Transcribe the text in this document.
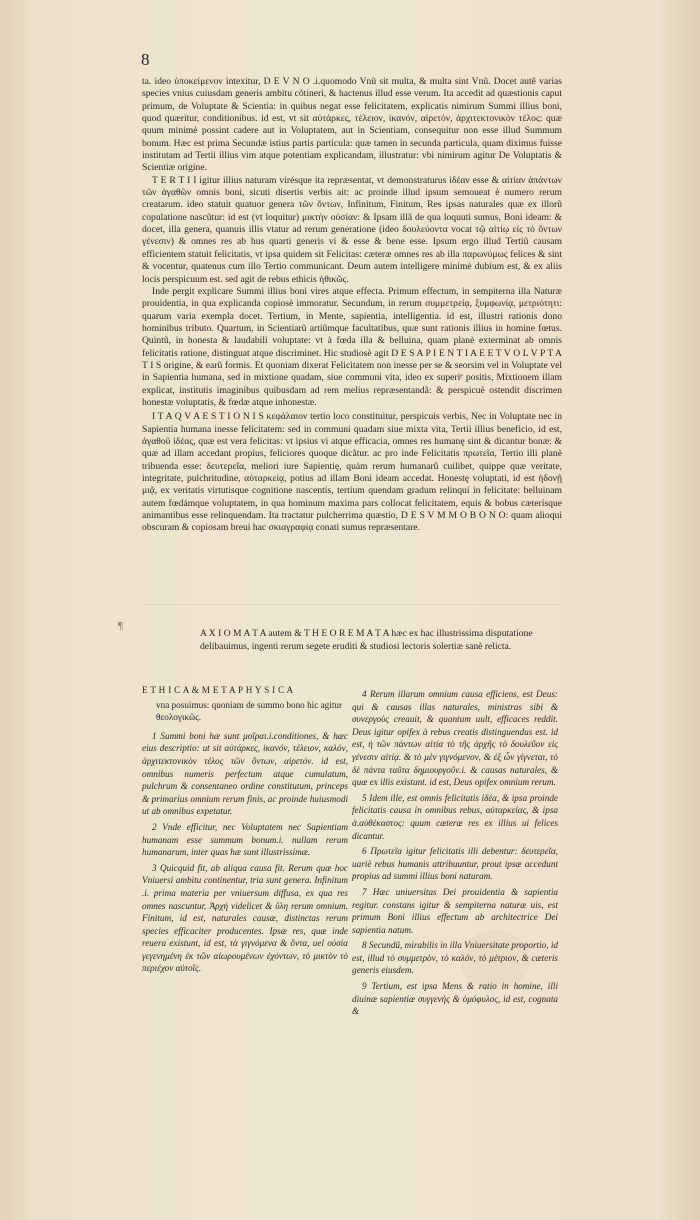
8

ta. ideo ὑποκείμενον intexitur, D E V N O .i.quomodo Vnũ sit multa, & multa sint Vnũ. Docet autẽ varias species vnius cuiusdam generis ambitu cõtineri, & hactenus illud esse verum. Ita accedit ad quæstionis caput primum, de Voluptate & Scientia: in quibus negat esse felicitatem, explicatis nimirum Summi illius boni, quod quæritur, conditionibus. id est, vt sit αὐτάρκες, τέλειον, ἱκανόν, αἱρετόν, ἀρχιτεκτονικὸν τέλος: quæ quum minimè possint cadere aut in Voluptatem, aut in Scientiam, consequitur non esse illud Summum bonum. Hæc est prima Secundæ istius partis particula: quæ tamen in secunda particula, quam diximus fuisse institutam ad Tertii illius vim atque potentiam explicandam, illustratur: vbi nimirum agitur De Voluptatis & Scientiæ origine.

T E R T I I igitur illius naturam virésque ita repræsentat, vt demonstraturus ἰδέαν esse & αἰτίαν ἁπάντων τῶν ἀγαθῶν omnis boni, sicuti disertis verbis ait: ac proinde illud ipsum semoueat è numero rerum creatarum. ideo statuit quatuor genera τῶν ὄντων, Infinitum, Finitum, Res ipsas naturales quæ ex illorũ copulatione nascũtur: id est (vt loquitur) μικτὴν οὐσίαν: & Ipsam illã de qua loquuti sumus, Boni ideam: & docet, illa genera, quanuis illis vtatur ad rerum generatione (ideo δουλεύοντα vocat τῷ αἰτίῳ εἰς τὸ ὄντων γένεσιν) & omnes res ab hus quarti generis vi & esse & bene esse. Ipsum ergo illud Tertiũ causam efficientem statuit felicitatis, vt ipsa quidem sit Felicitas: cæteræ omnes res ab illa παρωνύμως felices & sint & vocentur, quatenus cum illo Tertio communicant. Deum autem intelligere minimè dubium est, & ex aliis locis perspicuum est. sed agit de rebus ethicis ἠθικῶς.

Inde pergit explicare Summi illius boni vires atque effecta. Primum effectum, in sempiterna illa Naturæ prouidentia, in qua explicanda copiosè immoratur. Secundum, in rerum συμμετρείᾳ, ξυμφωνίᾳ, μετριότητι: quarum varia exempla docet. Tertium, in Mente, sapientia, intelligentia. id est, illustri rationis dono hominibus tributo. Quartum, in Scientiarũ artiũmque facultatibus, quæ sunt rationis illius in homine fœtus. Quintũ, in honesta & laudabili voluptate: vt à fœda illa & belluina, quam planè exterminat ab omnis felicitatis ratione, distinguat atque discriminet. Hic studiosè agit D E S A P I E N T I A E E T V O L V P T A T I S origine, & earũ formis. Et quoniam dixerat Felicitatem non inesse per se & seorsim vel in Voluptate vel in Sapientia humana, sed in mixtione quadam, siue communi vita, ideo ex superiᵉ positis, Mixtionem illam explicat, institutis imaginibus quibusdam ad rem melius repræsentandã: & perspicuè ostendit discrimen honestæ voluptatis, & fœdæ atque inhonestæ.

I T A Q V A E S T I O N I S κεφάλαιον tertio loco constituitur, perspicuis verbis, Nec in Voluptate nec in Sapientia humana inesse felicitatem: sed in communi quadam siue mixta vita, Tertii illius beneficio, id est, ἀγαθοῦ ἰδέας, quæ est vera felicitas: vt ipsius vi atque efficacia, omnes res humanę sint & dicantur bonæ: & quæ ad illam accedant propius, feliciores quoque dicãtur. ac pro inde Felicitatis πρωτεῖα, Tertio illi planè tribuenda esse: δευτερεῖα, meliori iure Sapientię, quàm rerum humanarũ cuilibet, quippe quæ veritate, integritate, pulchritudine, αὐταρκείᾳ, potius ad illam Boni ideam accedat. Honestę voluptati, id est ἡδονῇ μιᾷ, ex veritatis virtutisque cognitione nascentis, tertium quendam gradum relinqui in felicitate: belluinam autem fœdámque voluptatem, in qua hominum maxima pars collocat felicitatem, equis & bobus cæterísque animantibus esse relinquendam. Ita tractatur pulcherrima quæstio, D E S V M M O B O N O: quam alioqui obscuram & copiosam breui hac σκιαγραφίᾳ conati sumus repræsentare.

¶
A X I O M A T A autem & T H E O R E M A T A hæc ex hac illustrissima disputatione delibauimus, ingenti rerum segete eruditi & studiosi lectoris solertiæ sanè relicta.
E T H I C A & M E T A P H Y S I C A
vna posuimus: quoniam de summo bono hic agitur θεολογικῶς.

1 Summi boni hæ sunt μοῖραι.i.conditiones, & hæc eius descriptio: ut sit αὐτάρκες, ἱκανόν, τέλειον, καλόν, ἀρχιτεκτονικὸν τέλος τῶν ὄντων, αἱρετόν. id est, omnibus numeris perfectum atque cumulatum, pulchrum & consentaneo ordine constitutum, princeps & primarius omnium rerum finis, ac proinde huiusmodi ut ab omnibus expetatur.

2 Vnde efficitur, nec Voluptatem nec Sapientiam humanam esse summum bonum.i. nullam rerum humanarum, inter quas hæ sunt illustrissimæ.

3 Quicquid fit, ab aliqua causa fit. Rerum quæ hoc Vniuersi ambitu continentur, tria sunt genera. Infinitum .i. prima materia per vniuersum diffusa, ex qua res omnes nascuntur. Ἀρχή videlicet & ὕλη rerum omnium. Finitum, id est, naturales causæ, distinctas rerum species efficaciter producentes. Ipsæ res, quæ inde reuera existunt, id est, τὰ γιγνόμενα & ὄντα, uel οὐσία γεγενημένη ἐκ τῶν αἰωρουμένων ἐχόντων, τὸ μικτὸν τὸ περιέχον αὐτοῖς.

4 Rerum illarum omnium causa efficiens, est Deus: qui & causas illas naturales, ministras sibi & συνεργοὺς creauit, & quantum uult, efficaces reddit. Deus igitur opifex à rebus creatis distinguendus est. id est, ἡ τῶν πάντων αἰτία τὸ τῆς ἀρχῆς τὸ δουλεῦον εἰς γένεσιν αἰτίᾳ. & τὸ μὲν γιγνόμενον, & ἐξ ὧν γίγνεται, τὸ δὲ πάντα ταῦτα δημιουργοῦν.i. & causas naturales, & quæ ex illis existunt. id est, Deus opifex omnium rerum.

5 Idem ille, est omnis felicitatis ἰδέα, & ipsa proinde felicitatis causa in omnibus rebus, αὐταρκείας, & ipsa ἀ.αὐθέκαστος: quum cæteræ res ex illius ui felices dicantur.

6 Πρωτεῖα igitur felicitatis illi debentur: δευτερεῖα, uariè rebus humanis attribuuntur, prout ipsæ accedunt propius ad summi illius boni naturam.

7 Hæc uniuersitas Dei prouidentia & sapientia regitur. constans igitur & sempiterna naturæ uis, est primum Boni illius effectum ab architectrice Dei sapientia natum.

8 Secundũ, mirabilis in illa Vniuersitate proportio, id est, illud τὸ συμμετρὸν, τὸ καλόν, τὸ μέτριον, & cæteris generis eiusdem.

9 Tertium, est ipsa Mens & ratio in homine, illi diuinæ sapientiæ συγγενής & ὁμόφυλος, id est, cognata &
